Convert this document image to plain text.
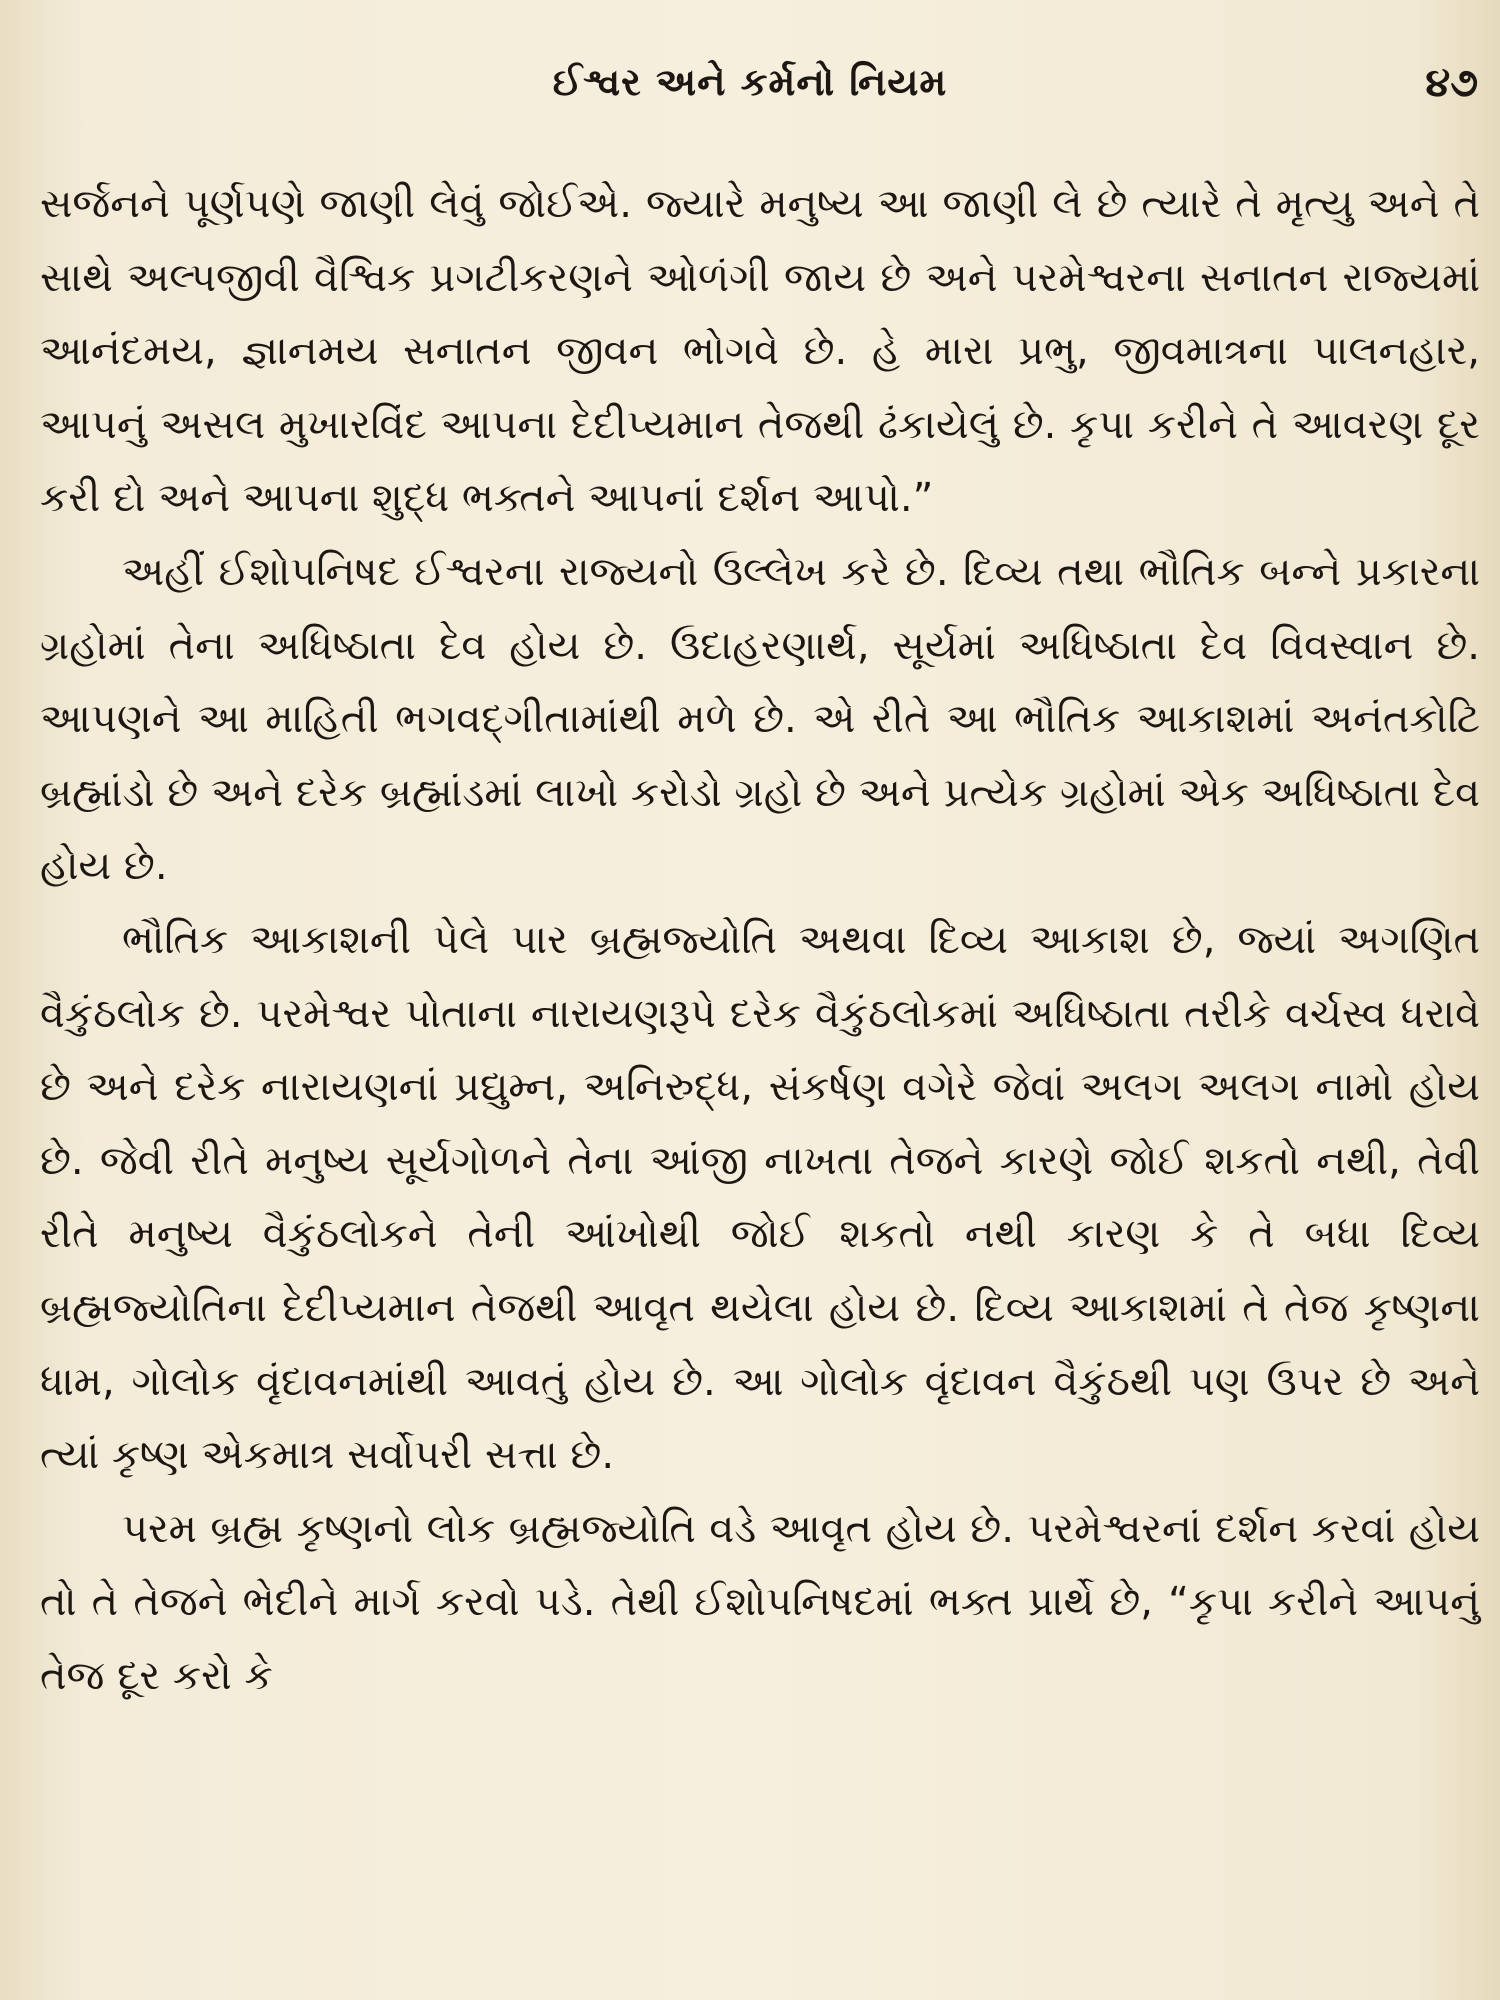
ઈશ્વર અને કર્મનો નિયમ	૪૭

સર્જનને પૂર્ણપણે જાણી લેવું જોઈએ. જ્યારે મનુષ્ય આ જાણી લે છે ત્યારે તે મૃત્યુ અને તે સાથે અલ્પજીવી વૈશ્વિક પ્રગટીકરણને ઓળંગી જાય છે અને પરમેશ્વરના સનાતન રાજ્યમાં આનંદમય, જ્ઞાનમય સનાતન જીવન ભોગવે છે. હે મારા પ્રભુ, જીવમાત્રના પાલનહાર, આપનું અસલ મુખારવિંદ આપના દેદીપ્યમાન તેજથી ઢંકાયેલું છે. કૃપા કરીને તે આવરણ દૂર કરી દો અને આપના શુદ્ધ ભક્તને આપનાં દર્શન આપો.”

અહીં ઈશોપનિષદ ઈશ્વરના રાજ્યનો ઉલ્લેખ કરે છે. દિવ્ય તથા ભૌતિક બન્ને પ્રકારના ગ્રહોમાં તેના અધિષ્ઠાતા દેવ હોય છે. ઉદાહરણાર્થ, સૂર્યમાં અધિષ્ઠાતા દેવ વિવસ્વાન છે. આપણને આ માહિતી ભગવદ્ગીતામાંથી મળે છે. એ રીતે આ ભૌતિક આકાશમાં અનંતકોટિ બ્રહ્માંડો છે અને દરેક બ્રહ્માંડમાં લાખો કરોડો ગ્રહો છે અને પ્રત્યેક ગ્રહોમાં એક અધિષ્ઠાતા દેવ હોય છે.

ભૌતિક આકાશની પેલે પાર બ્રહ્મજ્યોતિ અથવા દિવ્ય આકાશ છે, જ્યાં અગણિત વૈકુંઠલોક છે. પરમેશ્વર પોતાના નારાયણરૂપે દરેક વૈકુંઠલોકમાં અધિષ્ઠાતા તરીકે વર્ચસ્વ ધરાવે છે અને દરેક નારાયણનાં પ્રદ્યુમ્ન, અનિરુદ્ધ, સંકર્ષણ વગેરે જેવાં અલગ અલગ નામો હોય છે. જેવી રીતે મનુષ્ય સૂર્યગોળને તેના આંજી નાખતા તેજને કારણે જોઈ શકતો નથી, તેવી રીતે મનુષ્ય વૈકુંઠલોકને તેની આંખોથી જોઈ શકતો નથી કારણ કે તે બધા દિવ્ય બ્રહ્મજ્યોતિના દેદીપ્યમાન તેજથી આવૃત થયેલા હોય છે. દિવ્ય આકાશમાં તે તેજ કૃષ્ણના ધામ, ગોલોક વૃંદાવનમાંથી આવતું હોય છે. આ ગોલોક વૃંદાવન વૈકુંઠથી પણ ઉપર છે અને ત્યાં કૃષ્ણ એકમાત્ર સર્વોપરી સત્તા છે.

પરમ બ્રહ્મ કૃષ્ણનો લોક બ્રહ્મજ્યોતિ વડે આવૃત હોય છે. પરમેશ્વરનાં દર્શન કરવાં હોય તો તે તેજને ભેદીને માર્ગ કરવો પડે. તેથી ઈશોપનિષદમાં ભક્ત પ્રાર્થે છે, “કૃપા કરીને આપનું તેજ દૂર કરો કે
